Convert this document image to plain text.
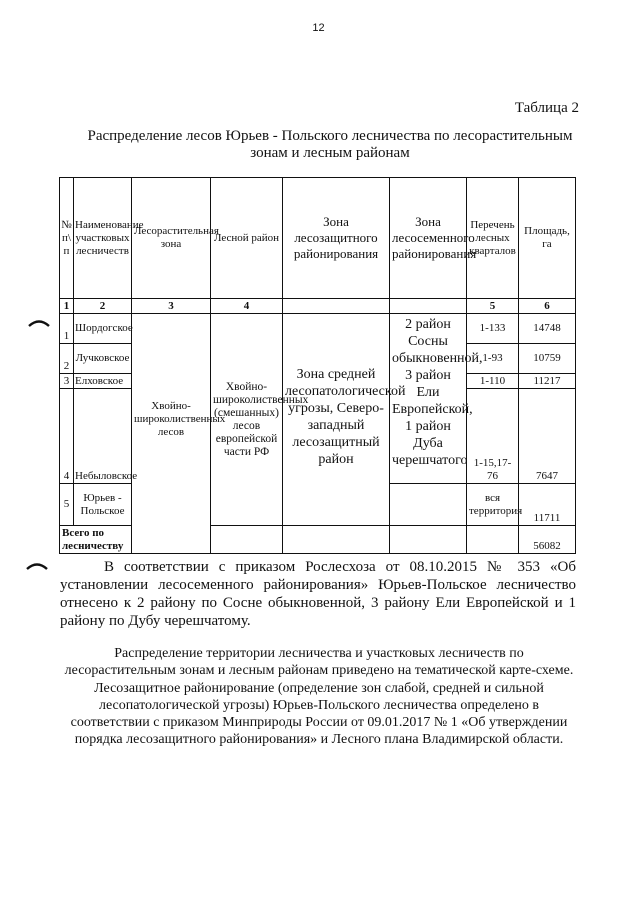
12
Таблица 2
Распределение лесов Юрьев - Польского лесничества по лесорастительным зонам и лесным районам
№ п\ п	Наименование участковых лесничеств	Лесорастительная зона	Лесной район	Зона лесозащитного районирования	Зона лесосеменного районирования	Перечень лесных кварталов	Площадь, га
1	2	3	4			5	6
1	Шордогское	Хвойно-широколиственных лесов	Хвойно-широколиственных (смешанных) лесов европейской части РФ	Зона средней лесопатологической угрозы, Северо-западный лесозащитный район	2 район Сосны обыкновенной, 3 район Ели Европейской, 1 район Дуба черешчатого	1-133	14748
2	Лучковское					1-93	10759
3	Елховское					1-110	11217
4	Небыловское					1-15,17-76	7647
5	Юрьев - Польское					вся территория	11711
Всего по лесничеству							56082
В соответствии с приказом Рослесхоза от 08.10.2015 № 353 «Об установлении лесосеменного районирования» Юрьев-Польское лесничество отнесено к 2 району по Сосне обыкновенной, 3 району Ели Европейской и 1 району по Дубу черешчатому.
Распределение территории лесничества и участковых лесничеств по лесорастительным зонам и лесным районам приведено на тематической карте-схеме.
Лесозащитное районирование (определение зон слабой, средней и сильной лесопатологической угрозы) Юрьев-Польского лесничества определено в соответствии с приказом Минприроды России от 09.01.2017 № 1 «Об утверждении порядка лесозащитного районирования» и Лесного плана Владимирской области.
